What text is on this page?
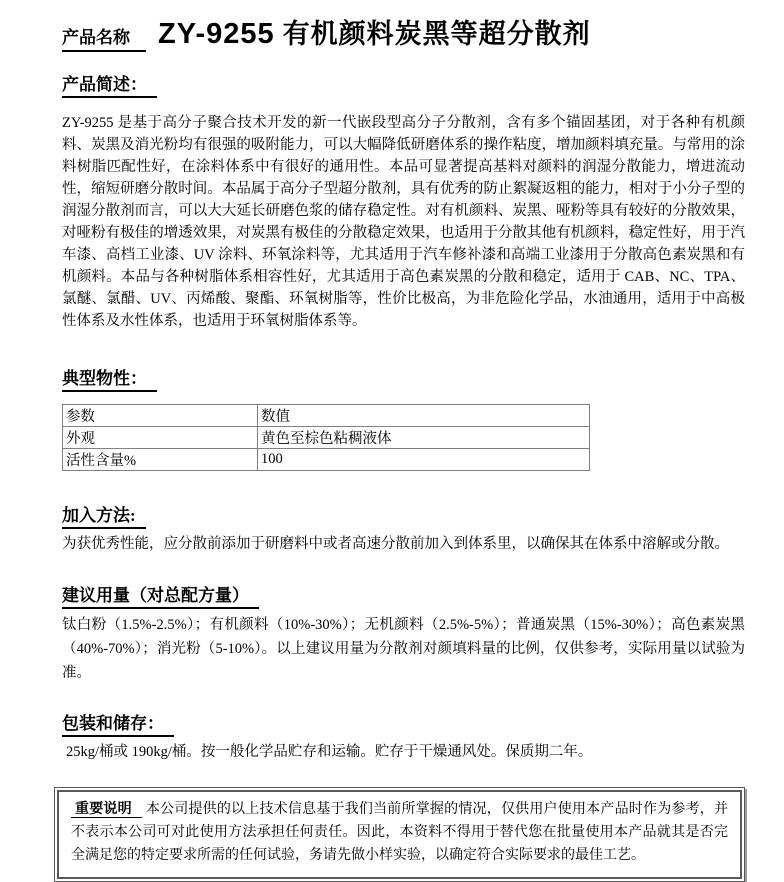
产品名称 ZY-9255 有机颜料炭黑等超分散剂
产品简述：

ZY-9255 是基于高分子聚合技术开发的新一代嵌段型高分子分散剂，含有多个锚固基团，对于各种有机颜料、炭黑及消光粉均有很强的吸附能力，可以大幅降低研磨体系的操作粘度，增加颜料填充量。与常用的涂料树脂匹配性好，在涂料体系中有很好的通用性。本品可显著提高基料对颜料的润湿分散能力，增进流动性，缩短研磨分散时间。本品属于高分子型超分散剂，具有优秀的防止絮凝返粗的能力，相对于小分子型的润湿分散剂而言，可以大大延长研磨色浆的储存稳定性。对有机颜料、炭黑、哑粉等具有较好的分散效果，对哑粉有极佳的增透效果，对炭黑有极佳的分散稳定效果，也适用于分散其他有机颜料，稳定性好，用于汽车漆、高档工业漆、UV 涂料、环氧涂料等，尤其适用于汽车修补漆和高端工业漆用于分散高色素炭黑和有机颜料。本品与各种树脂体系相容性好，尤其适用于高色素炭黑的分散和稳定，适用于 CAB、NC、TPA、氯醚、氯醋、UV、丙烯酸、聚酯、环氧树脂等，性价比极高，为非危险化学品，水油通用，适用于中高极性体系及水性体系，也适用于环氧树脂体系等。

典型物性：
参数	数值
外观	黄色至棕色粘稠液体
活性含量%	100
加入方法:

为获优秀性能，应分散前添加于研磨料中或者高速分散前加入到体系里，以确保其在体系中溶解或分散。

建议用量（对总配方量）

钛白粉（1.5%-2.5%）；有机颜料（10%-30%）；无机颜料（2.5%-5%）；普通炭黑（15%-30%）；高色素炭黑（40%-70%）；消光粉（5-10%）。以上建议用量为分散剂对颜填料量的比例，仅供参考，实际用量以试验为准。

包装和储存：

25kg/桶或 190kg/桶。按一般化学品贮存和运输。贮存于干燥通风处。保质期二年。

重要说明 本公司提供的以上技术信息基于我们当前所掌握的情况，仅供用户使用本产品时作为参考，并不表示本公司可对此使用方法承担任何责任。因此，本资料不得用于替代您在批量使用本产品就其是否完全满足您的特定要求所需的任何试验，务请先做小样实验，以确定符合实际要求的最佳工艺。
